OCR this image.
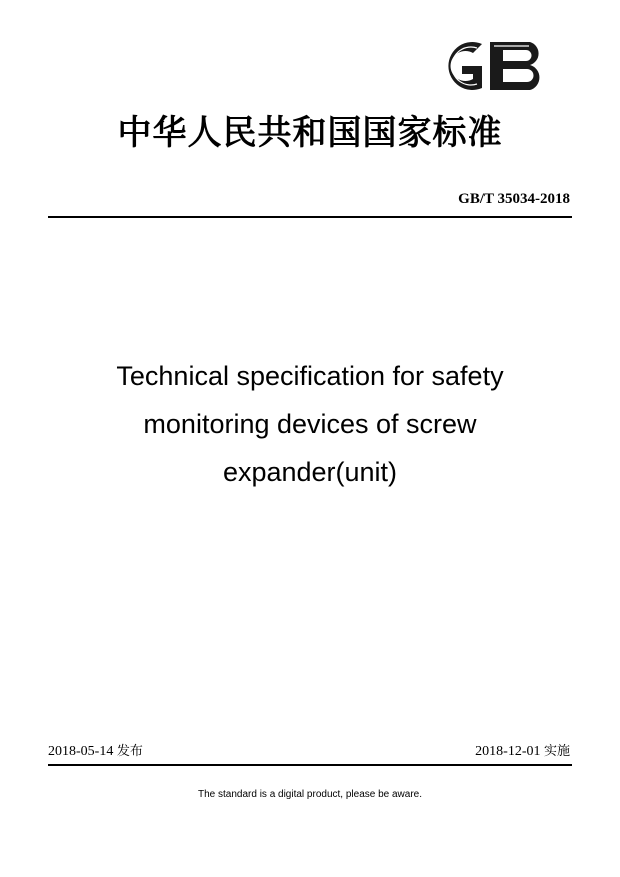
中华人民共和国国家标准
GB/T 35034-2018
Technical specification for safety
monitoring devices of screw
expander(unit)
2018-05-14 发布	2018-12-01 实施
The standard is a digital product, please be aware.
